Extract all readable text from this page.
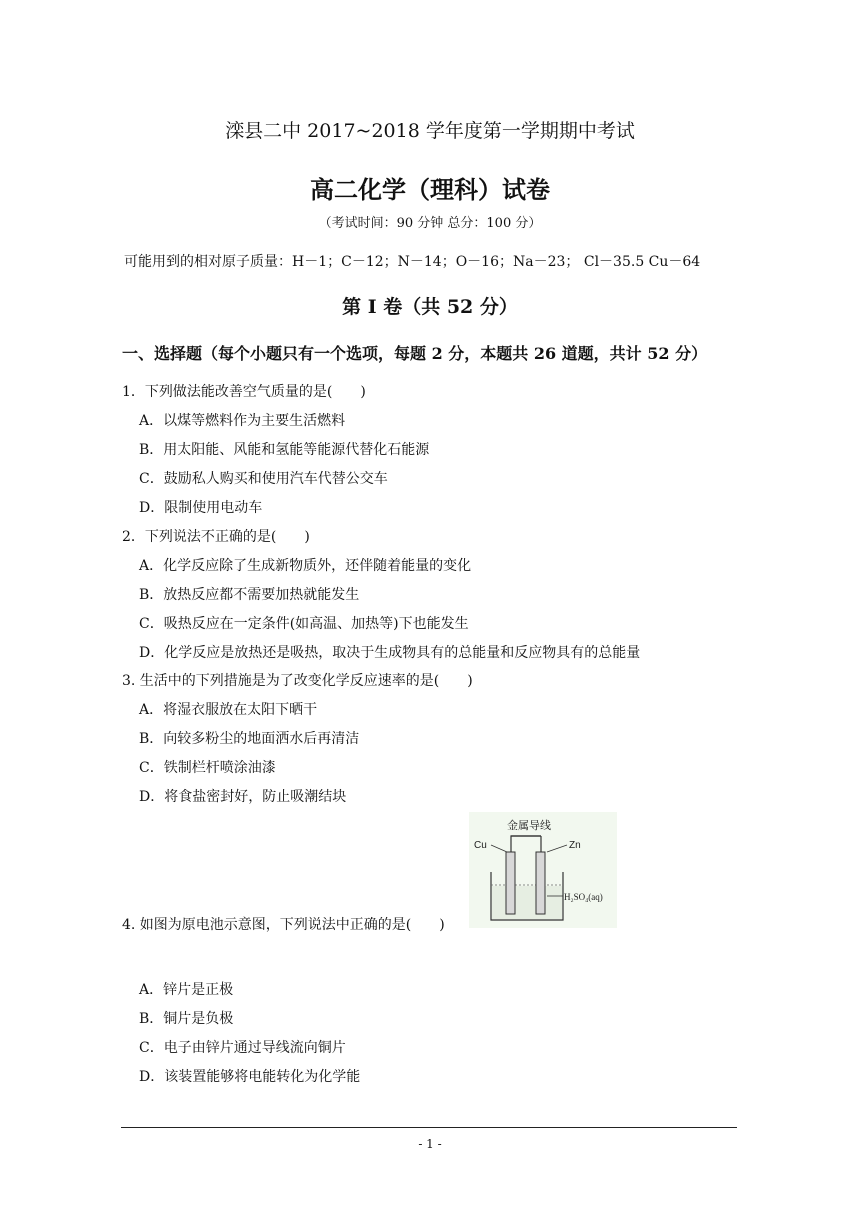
滦县二中 2017~2018 学年度第一学期期中考试
高二化学（理科）试卷
（考试时间：90 分钟 总分：100 分）
可能用到的相对原子质量：H－1；C－12；N－14；O－16；Na－23； Cl－35.5 Cu－64
第 I 卷（共 52 分）
一、选择题（每个小题只有一个选项，每题 2 分，本题共 26 道题，共计 52 分）
1．下列做法能改善空气质量的是(　　)
A．以煤等燃料作为主要生活燃料
B．用太阳能、风能和氢能等能源代替化石能源
C．鼓励私人购买和使用汽车代替公交车
D．限制使用电动车
2．下列说法不正确的是(　　)
A．化学反应除了生成新物质外，还伴随着能量的变化
B．放热反应都不需要加热就能发生
C．吸热反应在一定条件(如高温、加热等)下也能发生
D．化学反应是放热还是吸热，取决于生成物具有的总能量和反应物具有的总能量
3. 生活中的下列措施是为了改变化学反应速率的是(　　)
A．将湿衣服放在太阳下晒干
B．向较多粉尘的地面洒水后再清洁
C．铁制栏杆喷涂油漆
D．将食盐密封好，防止吸潮结块
金属导线
Cu	Zn
H₂SO₄(aq)
4. 如图为原电池示意图，下列说法中正确的是(　　)
A．锌片是正极
B．铜片是负极
C．电子由锌片通过导线流向铜片
D．该装置能够将电能转化为化学能
- 1 -
